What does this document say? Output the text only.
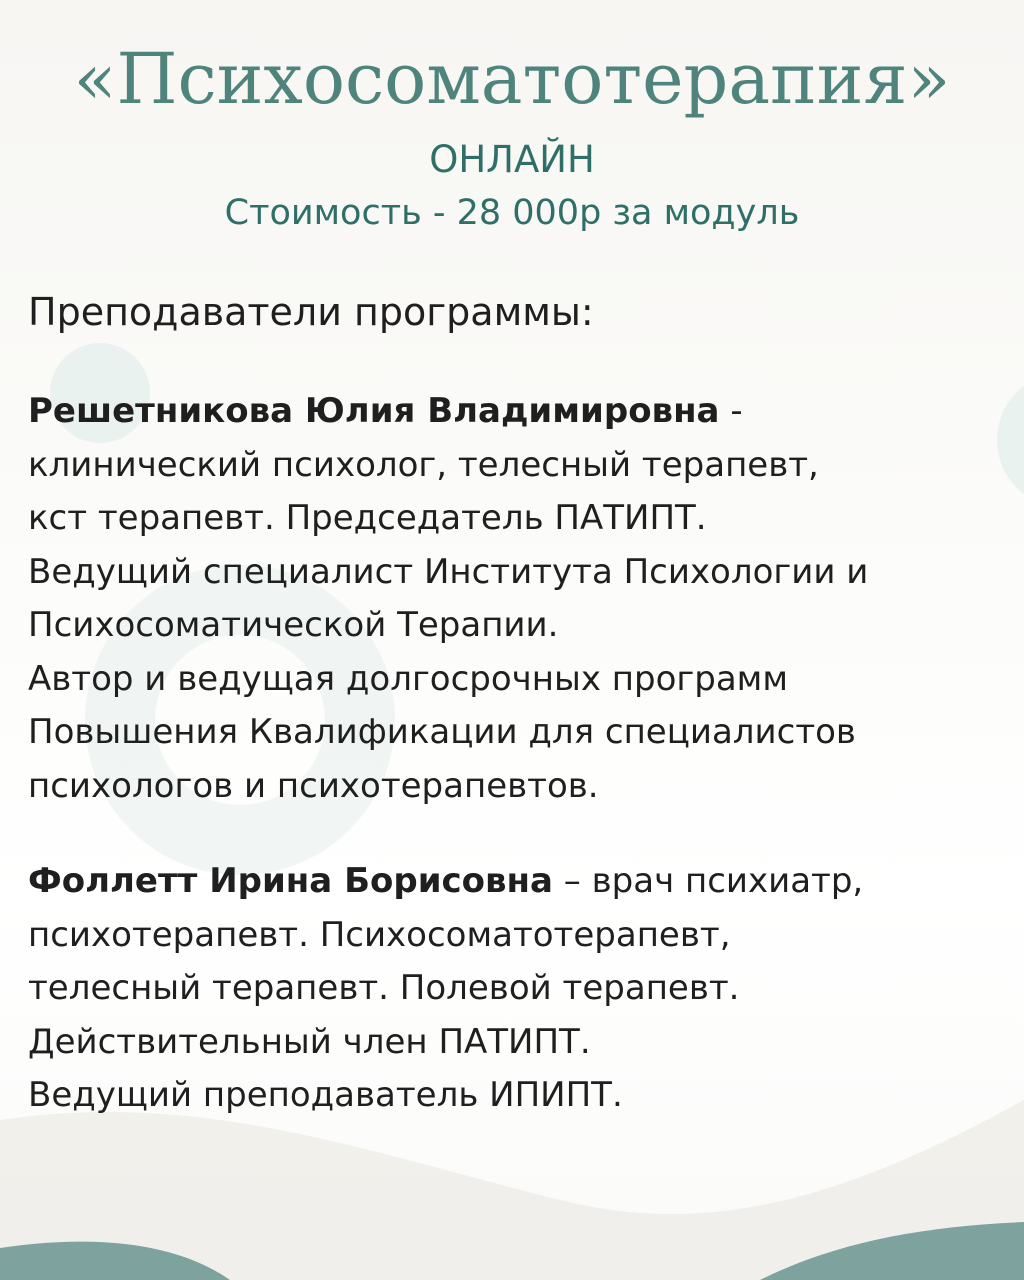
«Психосоматотерапия»

ОНЛАЙН

Стоимость - 28 000р за модуль

Преподаватели программы:

Решетникова Юлия Владимировна -
клинический психолог, телесный терапевт,
кст терапевт. Председатель ПАТИПТ.
Ведущий специалист Института Психологии и
Психосоматической Терапии.
Автор и ведущая долгосрочных программ
Повышения Квалификации для специалистов
психологов и психотерапевтов.

Фоллетт Ирина Борисовна – врач психиатр,
психотерапевт. Психосоматотерапевт,
телесный терапевт. Полевой терапевт.
Действительный член ПАТИПТ.
Ведущий преподаватель ИПИПТ.
